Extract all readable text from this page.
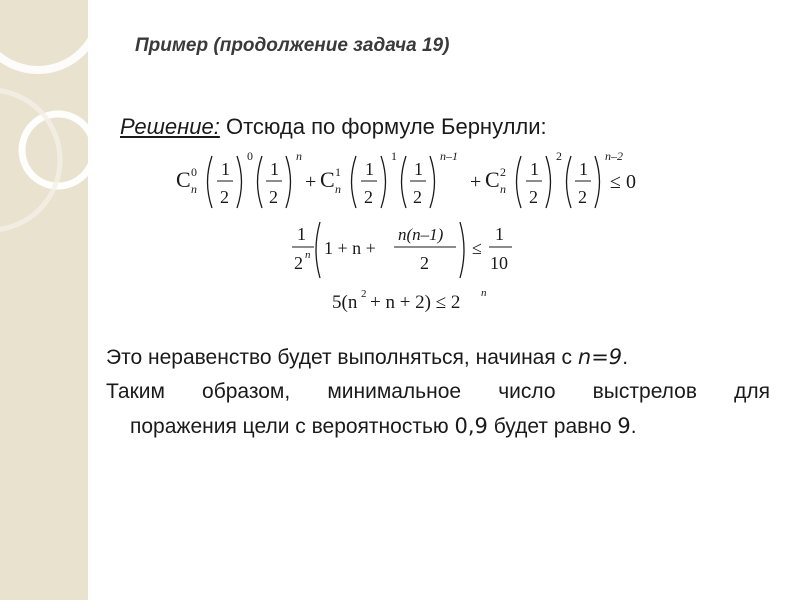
Пример (продолжение задача 19)
Решение: Отсюда по формуле Бернулли:
C 0
n
1
2
0
1
2
n
+ C 1
n
1
2
1
1
2
n–1
+ C 2
n
1
2
2
1
2
n–2
≤ 0
1
2 n 1 + n +
n(n–1)
2
≤
1
10
5(n 2 + n + 2) ≤ 2 n

Это неравенство будет выполняться, начиная с n=9.

Таким образом, минимальное число выстрелов для

поражения цели с вероятностью 0,9 будет равно 9.
